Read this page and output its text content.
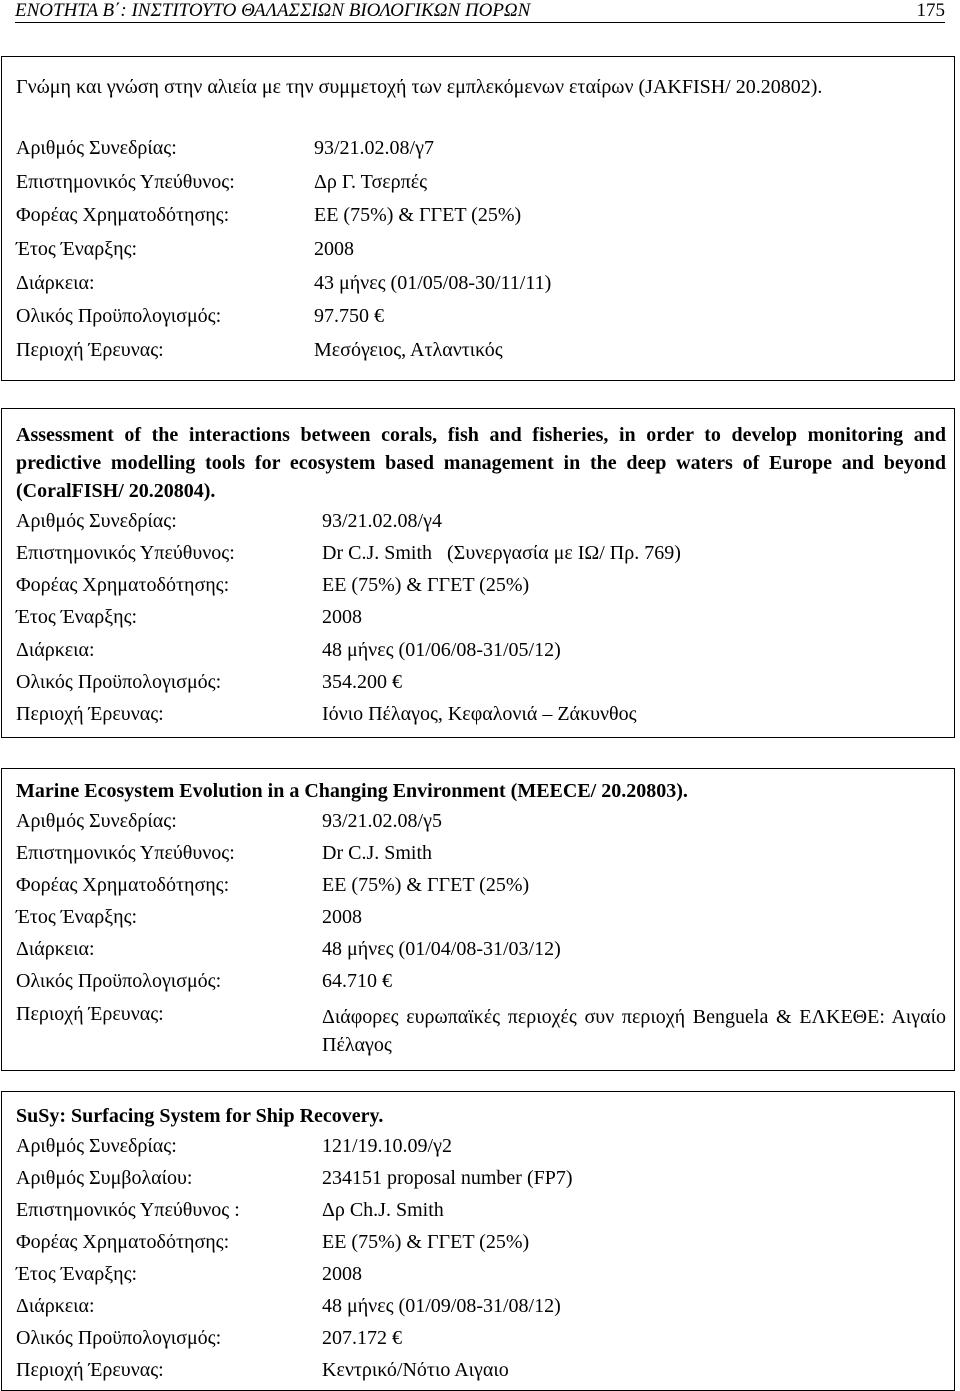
ΕΝΟΤΗΤΑ Β΄: ΙΝΣΤΙΤΟΥΤΟ ΘΑΛΑΣΣΙΩΝ ΒΙΟΛΟΓΙΚΩΝ ΠΟΡΩΝ	175
Γνώμη και γνώση στην αλιεία με την συμμετοχή των εμπλεκόμενων εταίρων (JAKFISH/ 20.20802).
Αριθμός Συνεδρίας:	93/21.02.08/γ7
Επιστημονικός Υπεύθυνος:	Δρ Γ. Τσερπές
Φορέας Χρηματοδότησης:	ΕΕ (75%) & ΓΓΕΤ (25%)
Έτος Έναρξης:	2008
Διάρκεια:	43 μήνες (01/05/08-30/11/11)
Ολικός Προϋπολογισμός:	97.750 €
Περιοχή Έρευνας:	Μεσόγειος, Ατλαντικός
Assessment of the interactions between corals, fish and fisheries, in order to develop monitoring and predictive modelling tools for ecosystem based management in the deep waters of Europe and beyond (CoralFISH/ 20.20804).
Αριθμός Συνεδρίας:	93/21.02.08/γ4
Επιστημονικός Υπεύθυνος:	Dr C.J. Smith   (Συνεργασία με ΙΩ/ Πρ. 769)
Φορέας Χρηματοδότησης:	ΕΕ (75%) & ΓΓΕΤ (25%)
Έτος Έναρξης:	2008
Διάρκεια:	48 μήνες (01/06/08-31/05/12)
Ολικός Προϋπολογισμός:	354.200 €
Περιοχή Έρευνας:	Ιόνιο Πέλαγος, Κεφαλονιά – Ζάκυνθος
Marine Ecosystem Evolution in a Changing Environment (MEECE/ 20.20803).
Αριθμός Συνεδρίας:	93/21.02.08/γ5
Επιστημονικός Υπεύθυνος:	Dr C.J. Smith
Φορέας Χρηματοδότησης:	ΕΕ (75%) & ΓΓΕΤ (25%)
Έτος Έναρξης:	2008
Διάρκεια:	48 μήνες (01/04/08-31/03/12)
Ολικός Προϋπολογισμός:	64.710 €
Περιοχή Έρευνας:	Διάφορες ευρωπαϊκές περιοχές συν περιοχή Benguela & ΕΛΚΕΘΕ: Αιγαίο Πέλαγος
SuSy: Surfacing System for Ship Recovery.
Αριθμός Συνεδρίας:	121/19.10.09/γ2
Αριθμός Συμβολαίου:	234151 proposal number (FP7)
Επιστημονικός Υπεύθυνος :	Δρ Ch.J. Smith
Φορέας Χρηματοδότησης:	ΕΕ (75%) & ΓΓΕΤ (25%)
Έτος Έναρξης:	2008
Διάρκεια:	48 μήνες (01/09/08-31/08/12)
Ολικός Προϋπολογισμός:	207.172 €
Περιοχή Έρευνας:	Κεντρικό/Νότιο Αιγαιο
